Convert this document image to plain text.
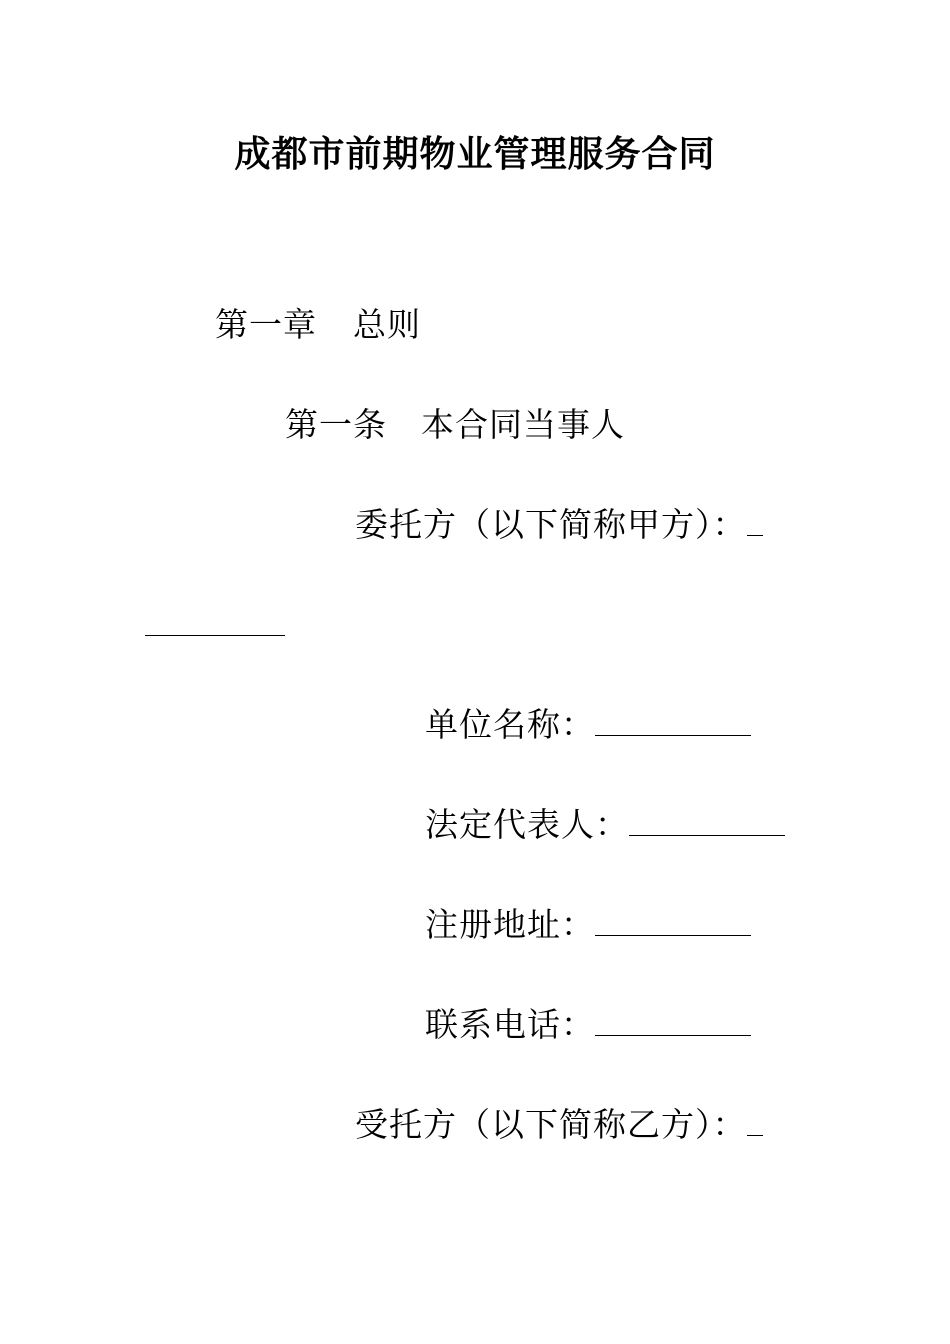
成都市前期物业管理服务合同
第一章 总则
第一条 本合同当事人
委托方（以下简称甲方）：
单位名称：
法定代表人：
注册地址：
联系电话：
受托方（以下简称乙方）：
